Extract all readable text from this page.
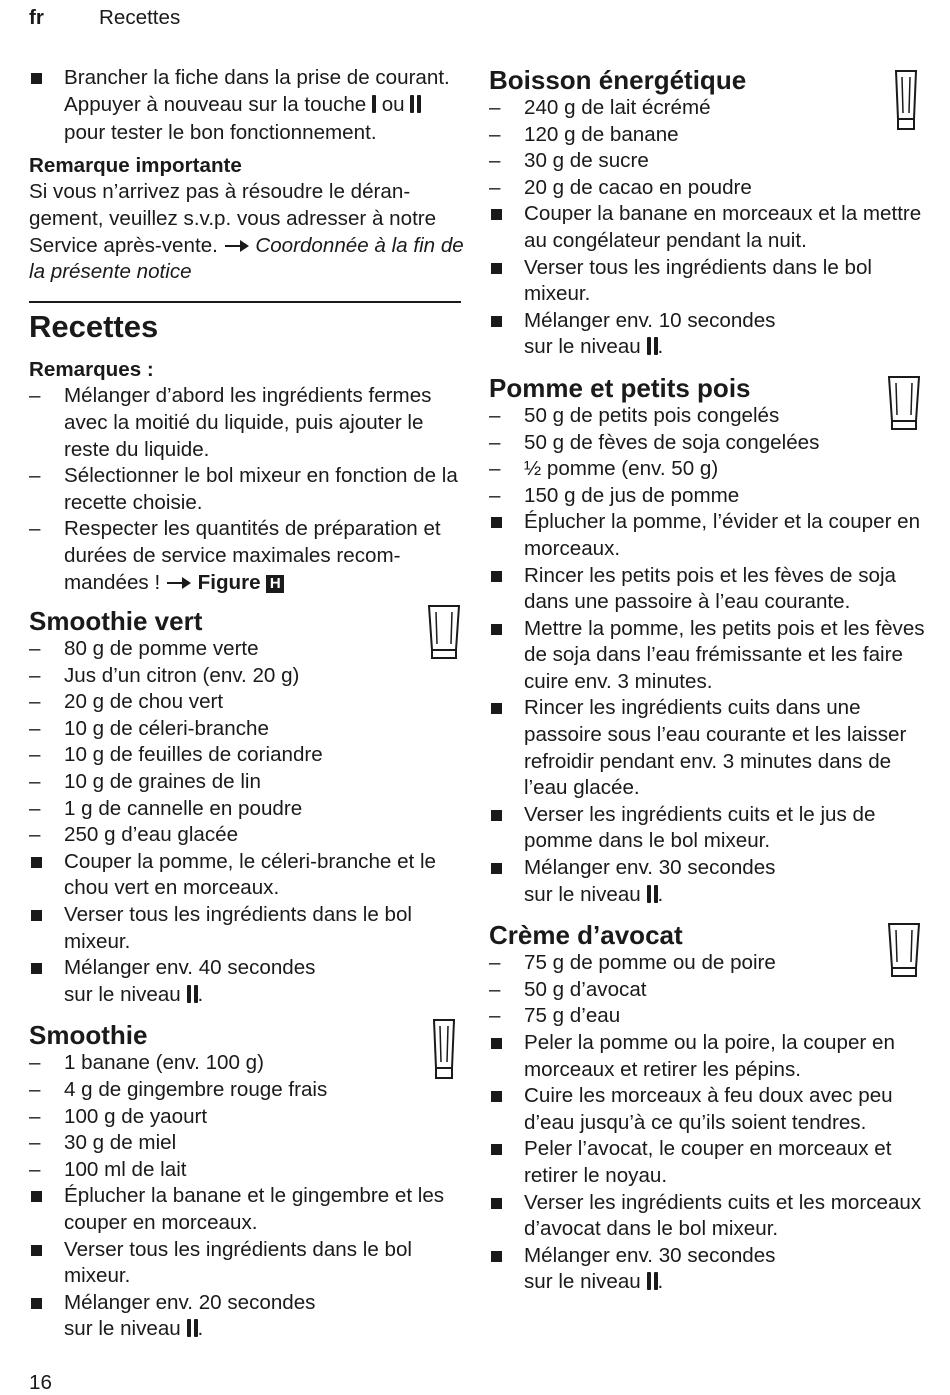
fr	Recettes
Brancher la fiche dans la prise de courant. Appuyer à nouveau sur la touche ou  pour tester le bon fonctionnement.
Remarque importante
Si vous n’arrivez pas à résoudre le dérangement, veuillez s.v.p. vous adresser à notre Service après-vente. Coordonnée à la fin de la présente notice
Recettes
Remarques :
– Mélanger d’abord les ingrédients fermes avec la moitié du liquide, puis ajouter le reste du liquide.
– Sélectionner le bol mixeur en fonction de la recette choisie.
– Respecter les quantités de préparation et durées de service maximales recommandées ! Figure H
Smoothie vert
– 80 g de pomme verte
– Jus d’un citron (env. 20 g)
– 20 g de chou vert
– 10 g de céleri-branche
– 10 g de feuilles de coriandre
– 10 g de graines de lin
– 1 g de cannelle en poudre
– 250 g d’eau glacée
Couper la pomme, le céleri-branche et le chou vert en morceaux.
Verser tous les ingrédients dans le bol mixeur.
Mélanger env. 40 secondes
sur le niveau .
Smoothie
– 1 banane (env. 100 g)
– 4 g de gingembre rouge frais
– 100 g de yaourt
– 30 g de miel
– 100 ml de lait
Éplucher la banane et le gingembre et les couper en morceaux.
Verser tous les ingrédients dans le bol mixeur.
Mélanger env. 20 secondes
sur le niveau .
Boisson énergétique
– 240 g de lait écrémé
– 120 g de banane
– 30 g de sucre
– 20 g de cacao en poudre
Couper la banane en morceaux et la mettre au congélateur pendant la nuit.
Verser tous les ingrédients dans le bol mixeur.
Mélanger env. 10 secondes
sur le niveau .
Pomme et petits pois
– 50 g de petits pois congelés
– 50 g de fèves de soja congelées
– ½ pomme (env. 50 g)
– 150 g de jus de pomme
Éplucher la pomme, l’évider et la couper en morceaux.
Rincer les petits pois et les fèves de soja dans une passoire à l’eau courante.
Mettre la pomme, les petits pois et les fèves de soja dans l’eau frémissante et les faire cuire env. 3 minutes.
Rincer les ingrédients cuits dans une passoire sous l’eau courante et les laisser refroidir pendant env. 3 minutes dans de l’eau glacée.
Verser les ingrédients cuits et le jus de pomme dans le bol mixeur.
Mélanger env. 30 secondes
sur le niveau .
Crème d’avocat
– 75 g de pomme ou de poire
– 50 g d’avocat
– 75 g d’eau
Peler la pomme ou la poire, la couper en morceaux et retirer les pépins.
Cuire les morceaux à feu doux avec peu d’eau jusqu’à ce qu’ils soient tendres.
Peler l’avocat, le couper en morceaux et retirer le noyau.
Verser les ingrédients cuits et les morceaux d’avocat dans le bol mixeur.
Mélanger env. 30 secondes
sur le niveau .
16
